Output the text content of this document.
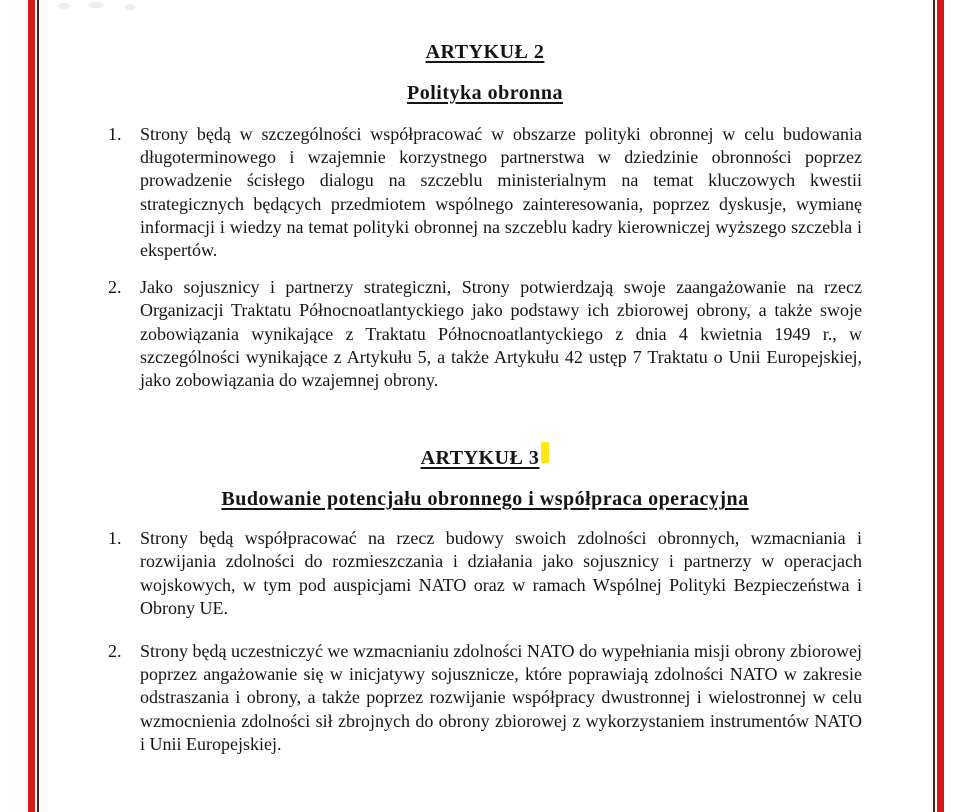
ARTYKUŁ 2
Polityka obronna
1.	Strony będą w szczególności współpracować w obszarze polityki obronnej w celu budowania długoterminowego i wzajemnie korzystnego partnerstwa w dziedzinie obronności poprzez prowadzenie ścisłego dialogu na szczeblu ministerialnym na temat kluczowych kwestii strategicznych będących przedmiotem wspólnego zainteresowania, poprzez dyskusje, wymianę informacji i wiedzy na temat polityki obronnej na szczeblu kadry kierowniczej wyższego szczebla i ekspertów.
2.	Jako sojusznicy i partnerzy strategiczni, Strony potwierdzają swoje zaangażowanie na rzecz Organizacji Traktatu Północnoatlantyckiego jako podstawy ich zbiorowej obrony, a także swoje zobowiązania wynikające z Traktatu Północnoatlantyckiego z dnia 4 kwietnia 1949 r., w szczególności wynikające z Artykułu 5, a także Artykułu 42 ustęp 7 Traktatu o Unii Europejskiej, jako zobowiązania do wzajemnej obrony.
ARTYKUŁ 3
Budowanie potencjału obronnego i współpraca operacyjna
1.	Strony będą współpracować na rzecz budowy swoich zdolności obronnych, wzmacniania i rozwijania zdolności do rozmieszczania i działania jako sojusznicy i partnerzy w operacjach wojskowych, w tym pod auspicjami NATO oraz w ramach Wspólnej Polityki Bezpieczeństwa i Obrony UE.
2.	Strony będą uczestniczyć we wzmacnianiu zdolności NATO do wypełniania misji obrony zbiorowej poprzez angażowanie się w inicjatywy sojusznicze, które poprawiają zdolności NATO w zakresie odstraszania i obrony, a także poprzez rozwijanie współpracy dwustronnej i wielostronnej w celu wzmocnienia zdolności sił zbrojnych do obrony zbiorowej z wykorzystaniem instrumentów NATO i Unii Europejskiej.
